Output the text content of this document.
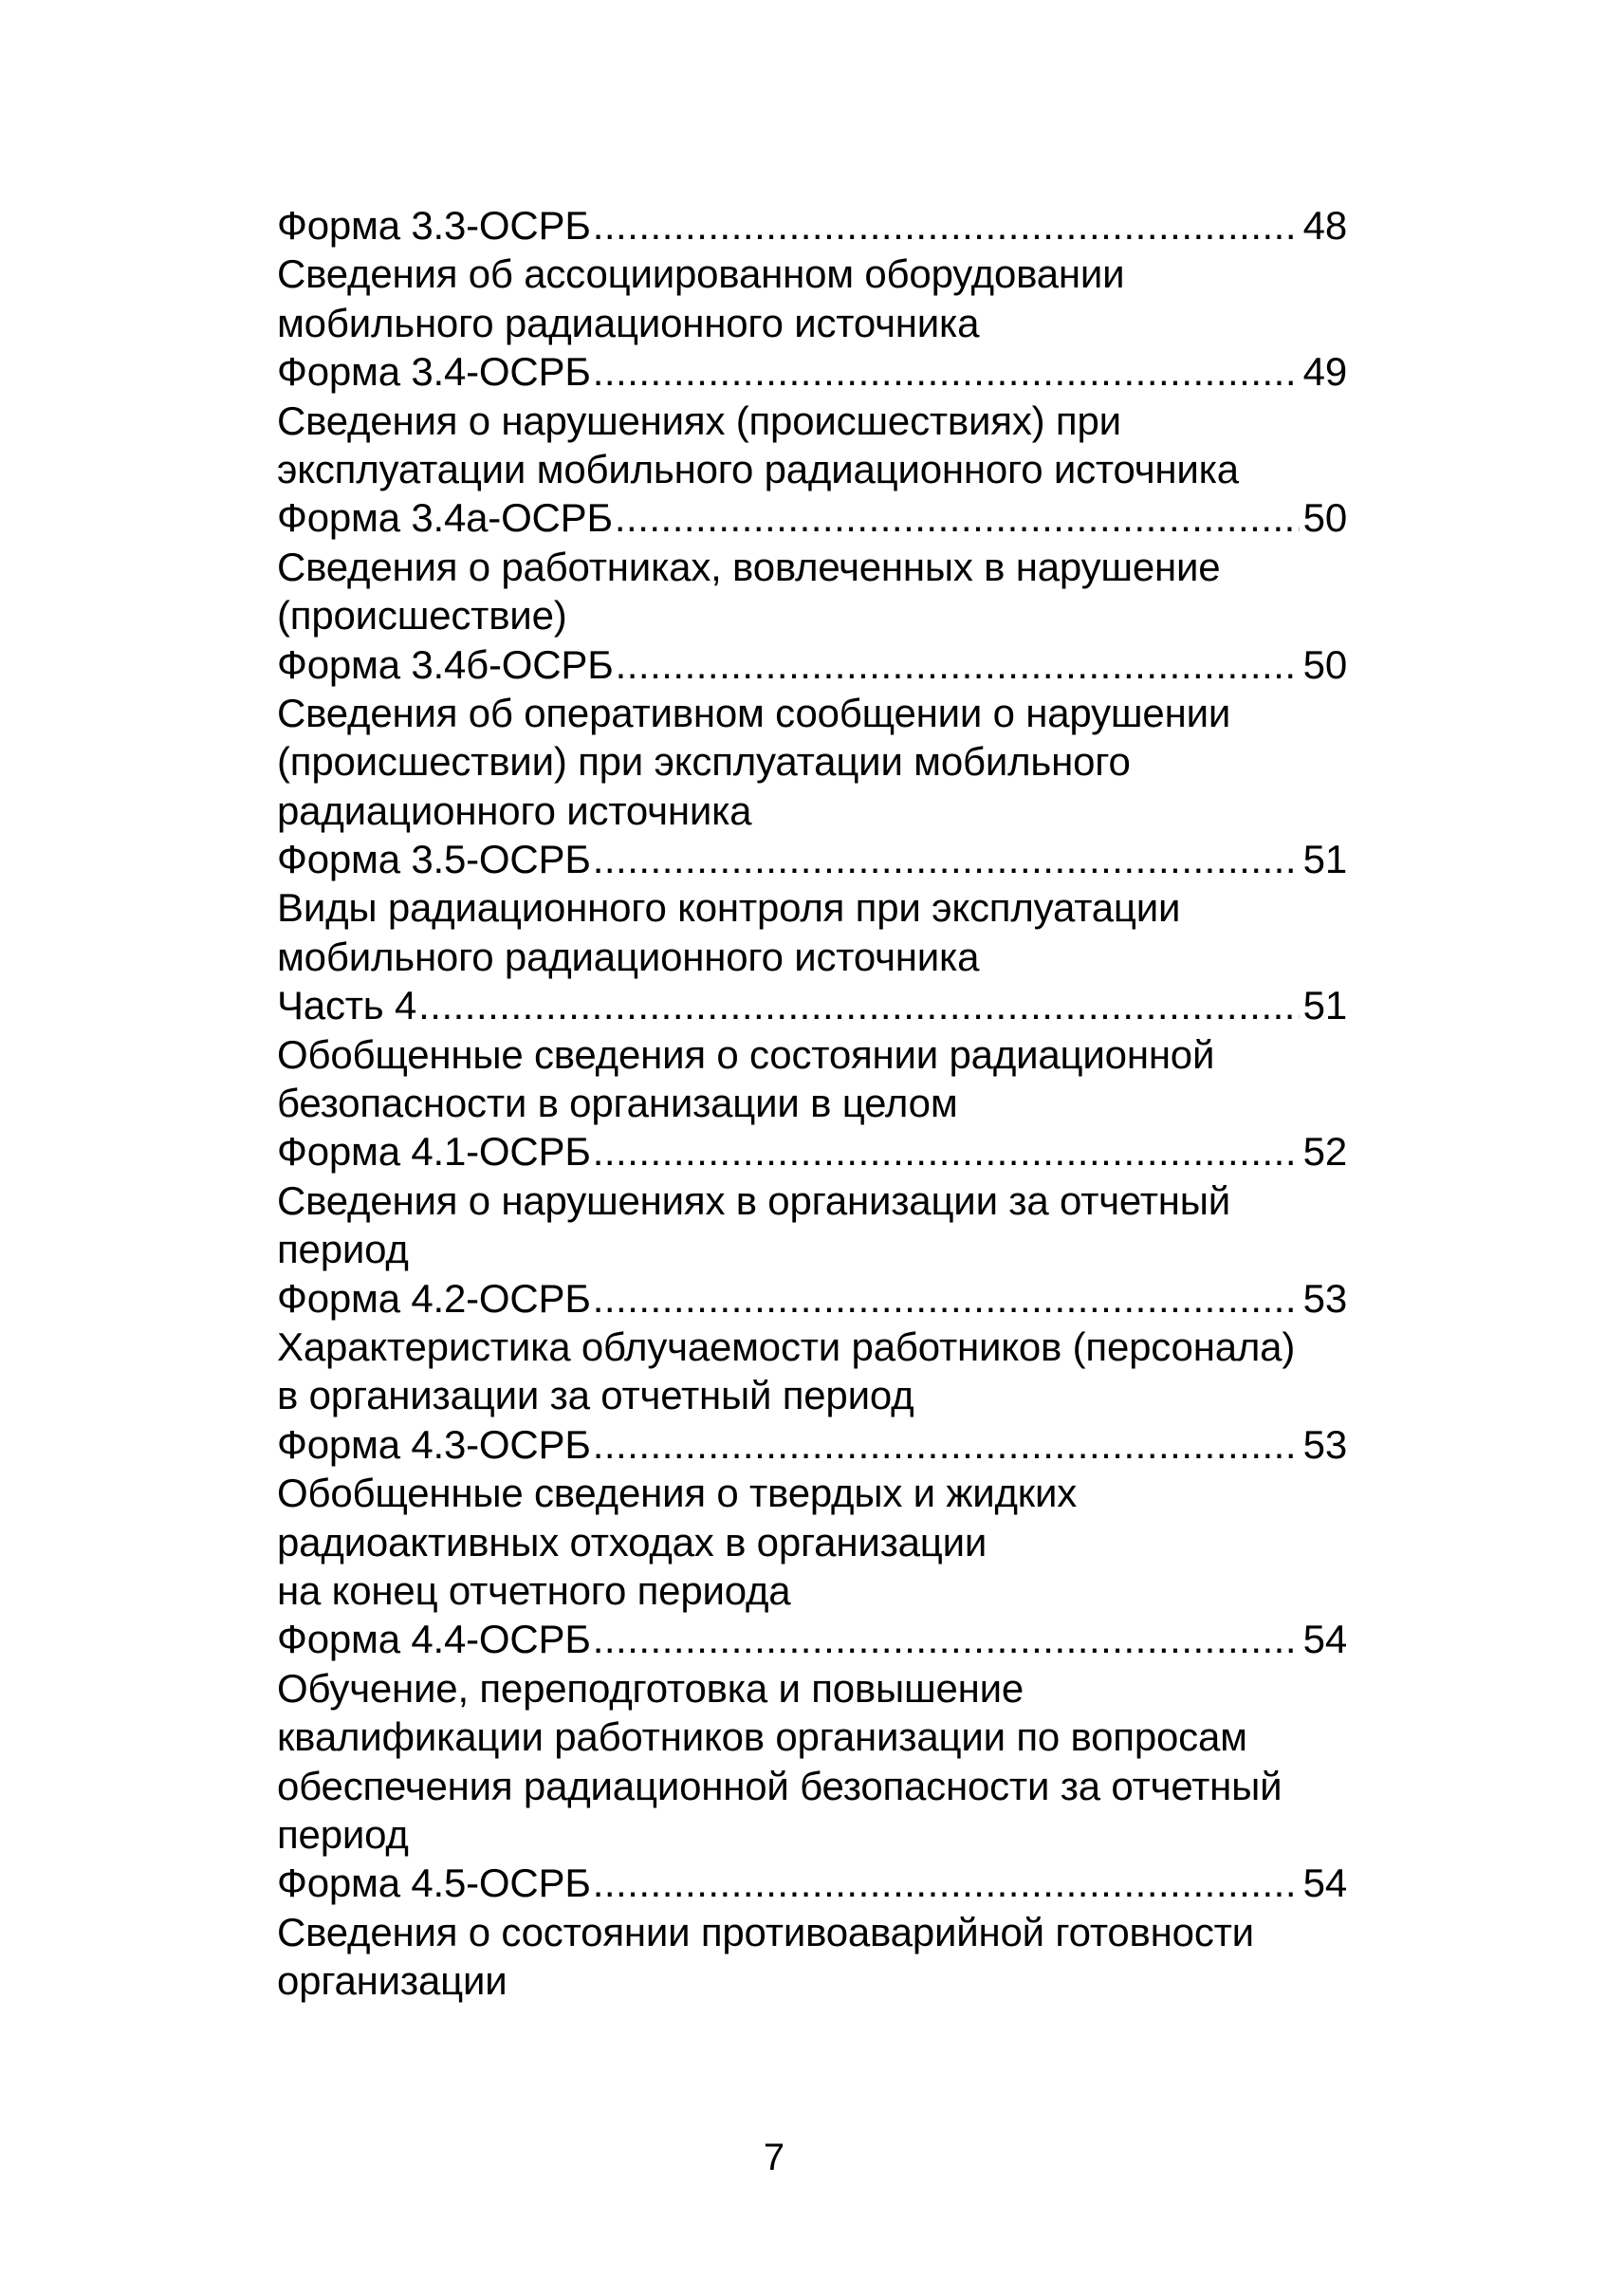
Форма 3.3-ОСРБ .....	48
Сведения об ассоциированном оборудовании
мобильного радиационного источника
Форма 3.4-ОСРБ .....	49
Сведения о нарушениях (происшествиях) при
эксплуатации мобильного радиационного источника
Форма 3.4а-ОСРБ .....	50
Сведения о работниках, вовлеченных в нарушение
(происшествие)
Форма 3.4б-ОСРБ .....	50
Сведения об оперативном сообщении о нарушении
(происшествии) при эксплуатации мобильного
радиационного источника
Форма 3.5-ОСРБ .....	51
Виды радиационного контроля при эксплуатации
мобильного радиационного источника
Часть 4 .....	51
Обобщенные сведения о состоянии радиационной
безопасности в организации в целом
Форма 4.1-ОСРБ .....	52
Сведения о нарушениях в организации за отчетный
период
Форма 4.2-ОСРБ .....	53
Характеристика облучаемости работников (персонала)
в организации за отчетный период
Форма 4.3-ОСРБ .....	53
Обобщенные сведения о твердых и жидких
радиоактивных отходах в организации
на конец отчетного периода
Форма 4.4-ОСРБ .....	54
Обучение, переподготовка и повышение
квалификации работников организации по вопросам
обеспечения радиационной безопасности за отчетный
период
Форма 4.5-ОСРБ .....	54
Сведения о состоянии противоаварийной готовности
организации
7
